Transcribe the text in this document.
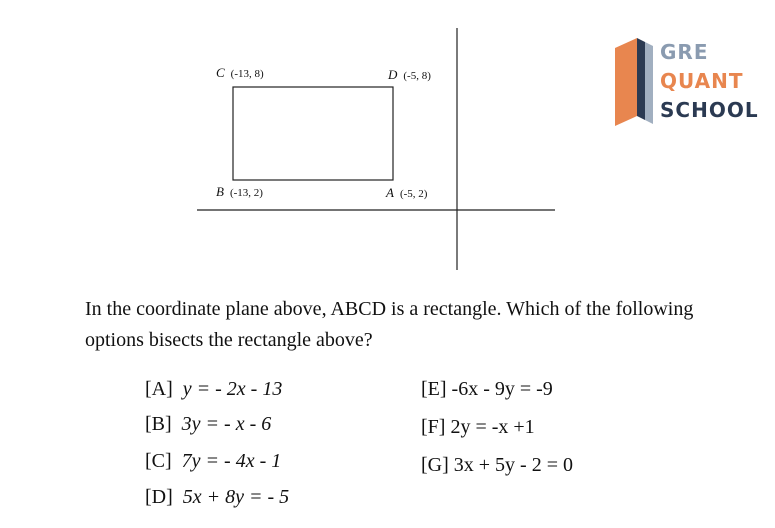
C (-13, 8)	D (-5, 8)
B (-13, 2)	A (-5, 2)
GRE
QUANT
SCHOOL

In the coordinate plane above, ABCD is a rectangle. Which of the following options bisects the rectangle above?

[A] y = - 2x - 13
[B] 3y = - x - 6
[C] 7y = - 4x - 1
[D] 5x + 8y = - 5
[E] -6x - 9y = -9
[F] 2y = -x +1
[G] 3x + 5y - 2 = 0
